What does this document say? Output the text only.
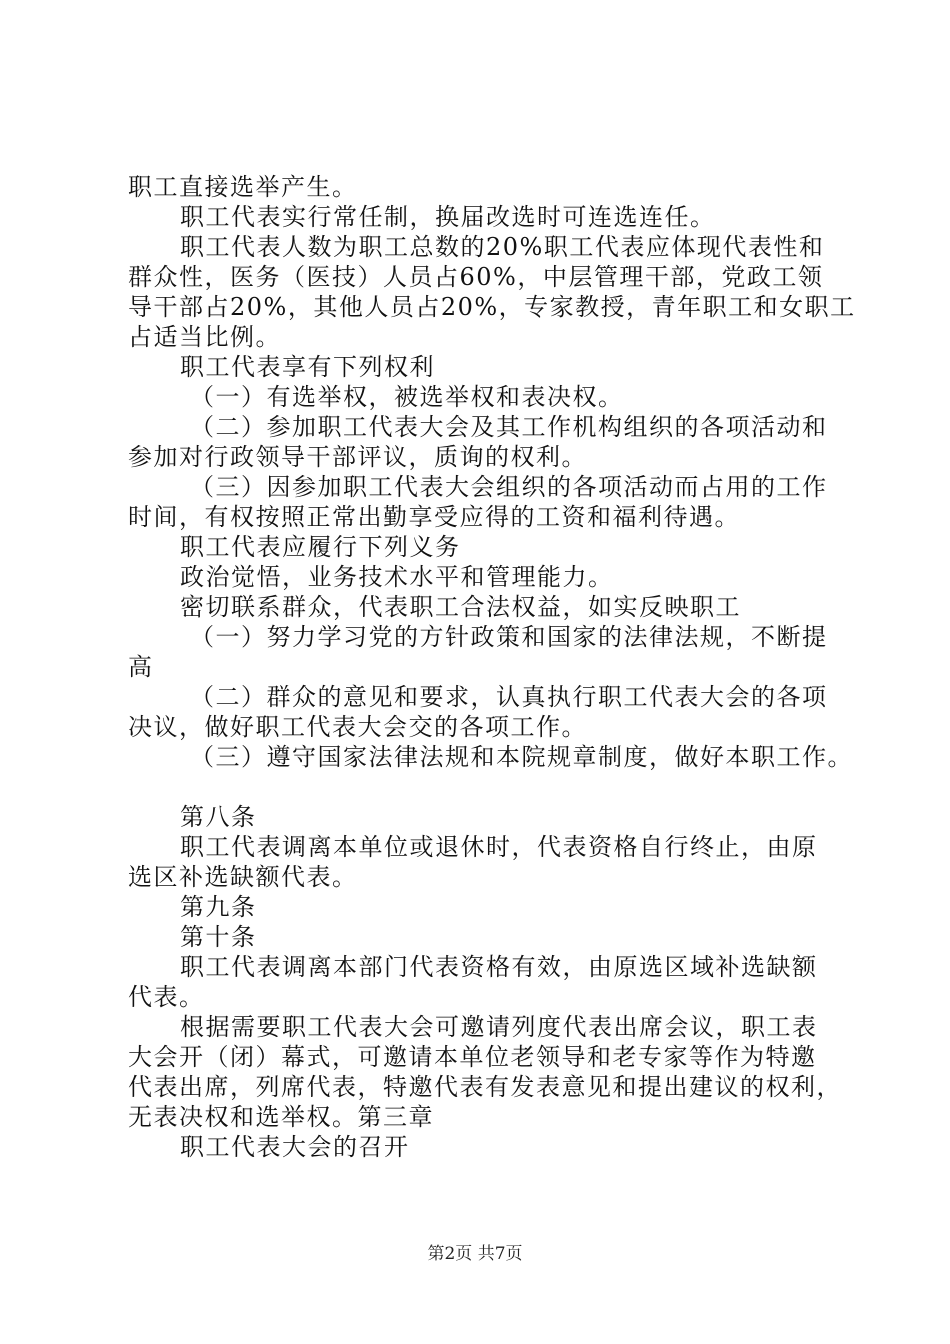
职工直接选举产生。
职工代表实行常任制，换届改选时可连选连任。
职工代表人数为职工总数的20%职工代表应体现代表性和
群众性，医务（医技）人员占60%，中层管理干部，党政工领
导干部占20%，其他人员占20%，专家教授，青年职工和女职工
占适当比例。
职工代表享有下列权利
（一）有选举权，被选举权和表决权。
（二）参加职工代表大会及其工作机构组织的各项活动和
参加对行政领导干部评议，质询的权利。
（三）因参加职工代表大会组织的各项活动而占用的工作
时间，有权按照正常出勤享受应得的工资和福利待遇。
职工代表应履行下列义务
政治觉悟，业务技术水平和管理能力。
密切联系群众，代表职工合法权益，如实反映职工
（一）努力学习党的方针政策和国家的法律法规，不断提
高
（二）群众的意见和要求，认真执行职工代表大会的各项
决议，做好职工代表大会交的各项工作。
（三）遵守国家法律法规和本院规章制度，做好本职工作。
第八条
职工代表调离本单位或退休时，代表资格自行终止，由原
选区补选缺额代表。
第九条
第十条
职工代表调离本部门代表资格有效，由原选区域补选缺额
代表。
根据需要职工代表大会可邀请列度代表出席会议，职工表
大会开（闭）幕式，可邀请本单位老领导和老专家等作为特邀
代表出席，列席代表，特邀代表有发表意见和提出建议的权利，
无表决权和选举权。第三章
职工代表大会的召开
第2页 共7页
